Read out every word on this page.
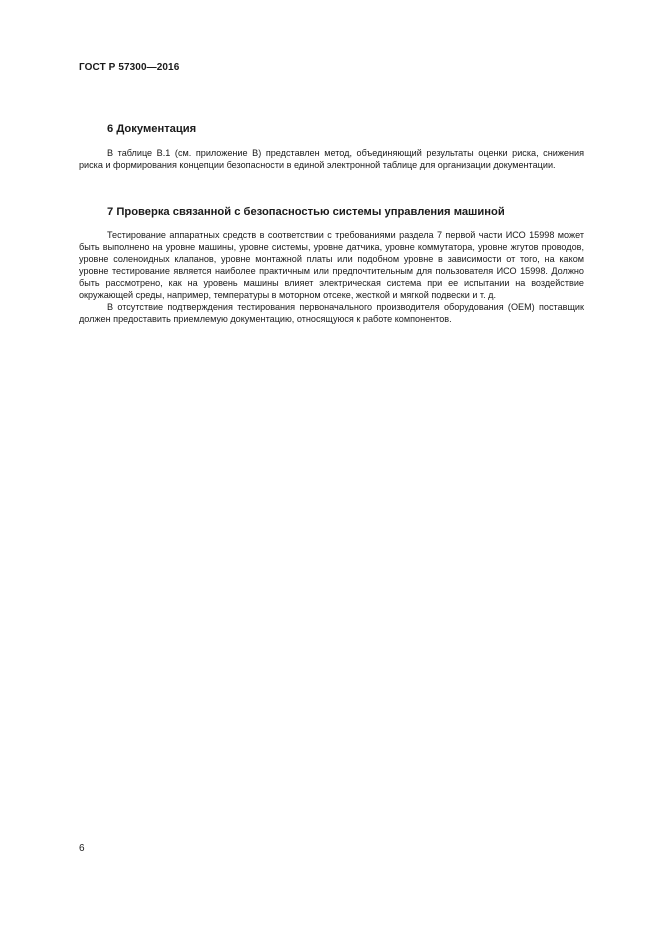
ГОСТ Р 57300—2016
6 Документация

В таблице В.1 (см. приложение В) представлен метод, объединяющий результаты оценки риска, снижения риска и формирования концепции безопасности в единой электронной таблице для организации документации.

7 Проверка связанной с безопасностью системы управления машиной

Тестирование аппаратных средств в соответствии с требованиями раздела 7 первой части ИСО 15998 может быть выполнено на уровне машины, уровне системы, уровне датчика, уровне коммутатора, уровне жгутов проводов, уровне соленоидных клапанов, уровне монтажной платы или подобном уровне в зависимости от того, на каком уровне тестирование является наиболее практичным или предпочтительным для пользователя ИСО 15998. Должно быть рассмотрено, как на уровень машины влияет электрическая система при ее испытании на воздействие окружающей среды, например, температуры в моторном отсеке, жесткой и мягкой подвески и т. д.

В отсутствие подтверждения тестирования первоначального производителя оборудования (ОЕМ) поставщик должен предоставить приемлемую документацию, относящуюся к работе компонентов.

6
